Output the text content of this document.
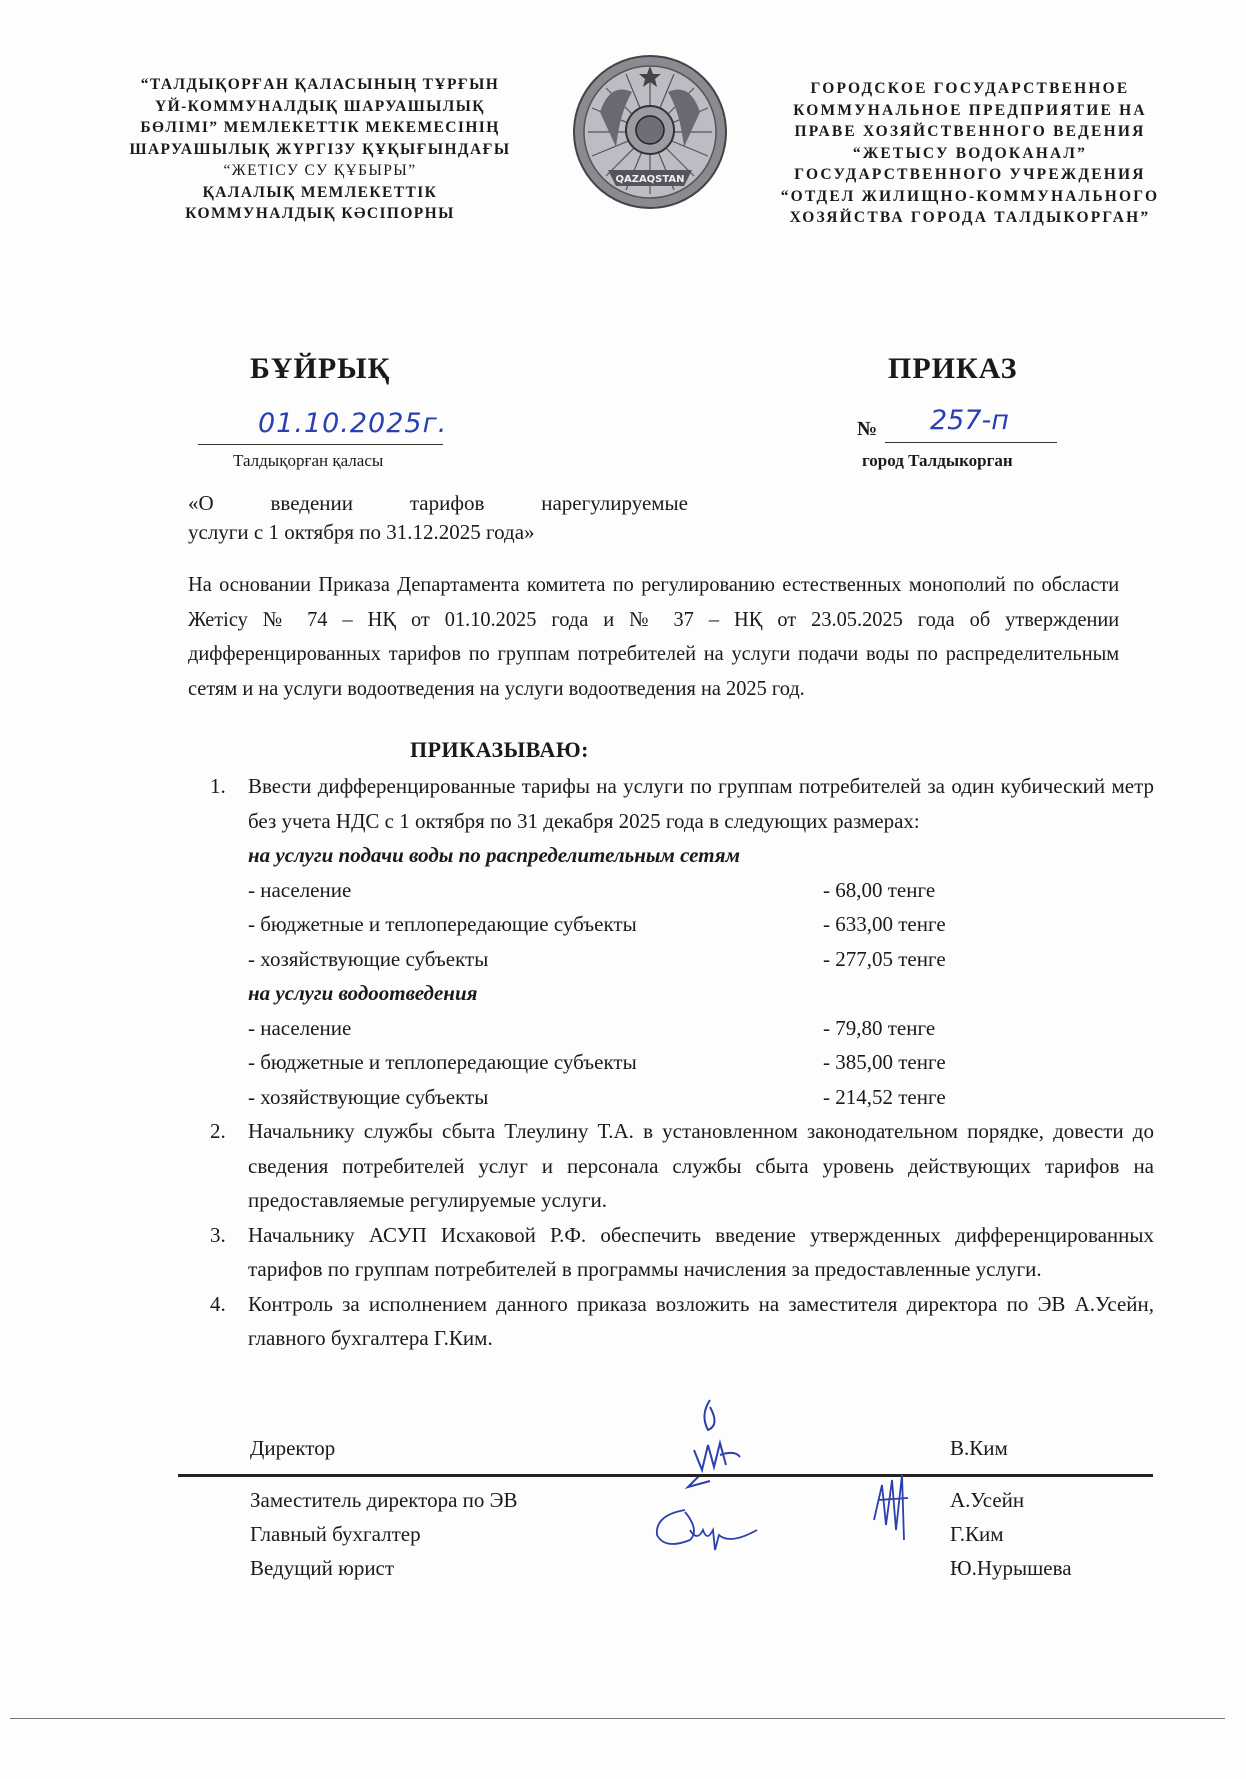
“ТАЛДЫҚОРҒАН ҚАЛАСЫНЫҢ ТҰРҒЫН
ҮЙ-КОММУНАЛДЫҚ ШАРУАШЫЛЫҚ
БӨЛІМІ” МЕМЛЕКЕТТІК МЕКЕМЕСІНІҢ
ШАРУАШЫЛЫҚ ЖҮРГІЗУ ҚҰҚЫҒЫНДАҒЫ
“ЖЕТІСУ СУ ҚҰБЫРЫ”
ҚАЛАЛЫҚ МЕМЛЕКЕТТІК
КОММУНАЛДЫҚ КӘСІПОРНЫ
QAZAQSTAN
ГОРОДСКОЕ ГОСУДАРСТВЕННОЕ
КОММУНАЛЬНОЕ ПРЕДПРИЯТИЕ НА
ПРАВЕ ХОЗЯЙСТВЕННОГО ВЕДЕНИЯ
“ЖЕТЫСУ ВОДОКАНАЛ”
ГОСУДАРСТВЕННОГО УЧРЕЖДЕНИЯ
“ОТДЕЛ ЖИЛИЩНО-КОММУНАЛЬНОГО
ХОЗЯЙСТВА ГОРОДА ТАЛДЫКОРГАН”
БҰЙРЫҚ	ПРИКАЗ
01.10.2025г.
Талдықорған қаласы
№ 257-п
город Талдыкорган
«О	введении	тарифов	нарегулируемые
услуги с 1 октября по 31.12.2025 года»
На основании Приказа Департамента комитета по регулированию естественных монополий по обсласти Жетісу № 74 – НҚ от 01.10.2025 года и № 37 – НҚ от 23.05.2025 года об утверждении дифференцированных тарифов по группам потребителей на услуги подачи воды по распределительным сетям и на услуги водоотведения на услуги водоотведения на 2025 год.
ПРИКАЗЫВАЮ:
1.	Ввести дифференцированные тарифы на услуги по группам потребителей за один кубический метр без учета НДС с 1 октября по 31 декабря 2025 года в следующих размерах:
на услуги подачи воды по распределительным сетям
- население	- 68,00 тенге
- бюджетные и теплопередающие субъекты	- 633,00 тенге
- хозяйствующие субъекты	- 277,05 тенге
на услуги водоотведения
- население	- 79,80 тенге
- бюджетные и теплопередающие субъекты	- 385,00 тенге
- хозяйствующие субъекты	- 214,52 тенге
2.	Начальнику службы сбыта Тлеулину Т.А. в установленном законодательном порядке, довести до сведения потребителей услуг и персонала службы сбыта уровень действующих тарифов на предоставляемые регулируемые услуги.
3.	Начальнику АСУП Исхаковой Р.Ф. обеспечить введение утвержденных дифференцированных тарифов по группам потребителей в программы начисления за предоставленные услуги.
4.	Контроль за исполнением данного приказа возложить на заместителя директора по ЭВ А.Усейн, главного бухгалтера Г.Ким.
Директор	В.Ким
Заместитель директора по ЭВ	А.Усейн
Главный бухгалтер	Г.Ким
Ведущий юрист	Ю.Нурышева
